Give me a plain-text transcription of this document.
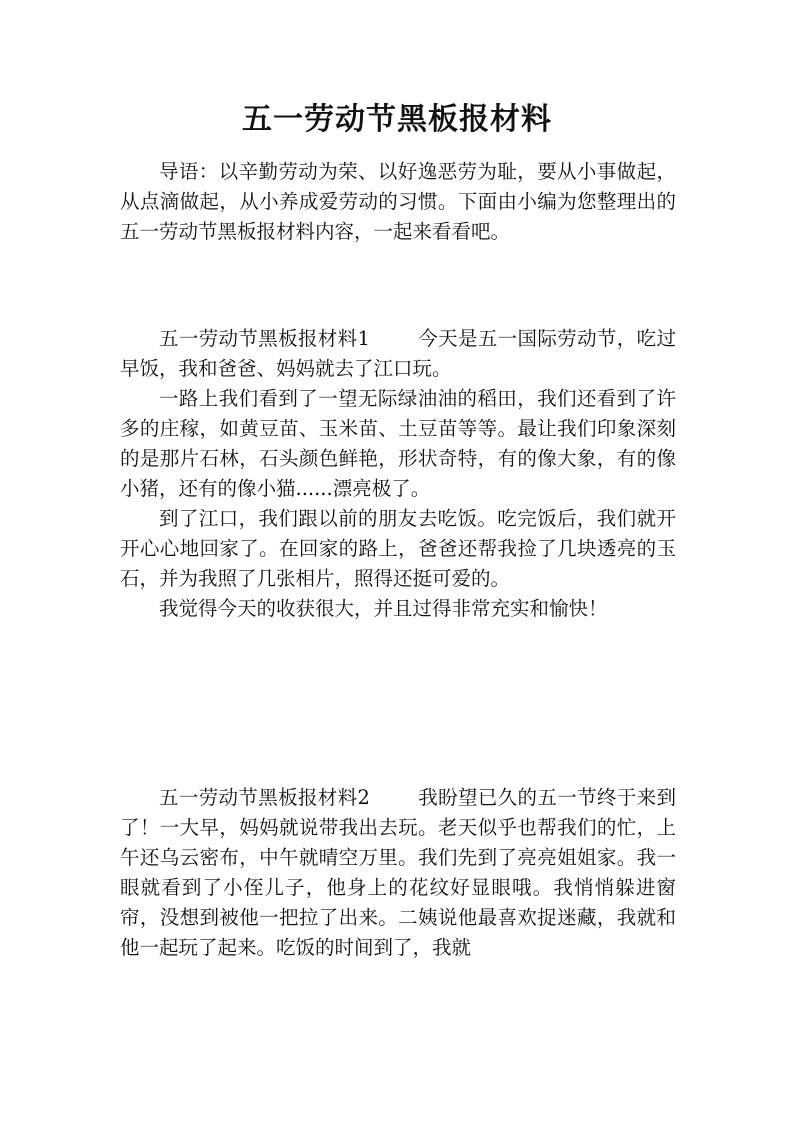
五一劳动节黑板报材料

导语：以辛勤劳动为荣、以好逸恶劳为耻，要从小事做起，从点滴做起，从小养成爱劳动的习惯。下面由小编为您整理出的五一劳动节黑板报材料内容，一起来看看吧。

五一劳动节黑板报材料1 今天是五一国际劳动节，吃过早饭，我和爸爸、妈妈就去了江口玩。

一路上我们看到了一望无际绿油油的稻田，我们还看到了许多的庄稼，如黄豆苗、玉米苗、土豆苗等等。最让我们印象深刻的是那片石林，石头颜色鲜艳，形状奇特，有的像大象，有的像小猪，还有的像小猫......漂亮极了。

到了江口，我们跟以前的朋友去吃饭。吃完饭后，我们就开开心心地回家了。在回家的路上，爸爸还帮我捡了几块透亮的玉石，并为我照了几张相片，照得还挺可爱的。

我觉得今天的收获很大，并且过得非常充实和愉快！

五一劳动节黑板报材料2 我盼望已久的五一节终于来到了！一大早，妈妈就说带我出去玩。老天似乎也帮我们的忙，上午还乌云密布，中午就晴空万里。我们先到了亮亮姐姐家。我一眼就看到了小侄儿子，他身上的花纹好显眼哦。我悄悄躲进窗帘，没想到被他一把拉了出来。二姨说他最喜欢捉迷藏，我就和他一起玩了起来。吃饭的时间到了，我就
